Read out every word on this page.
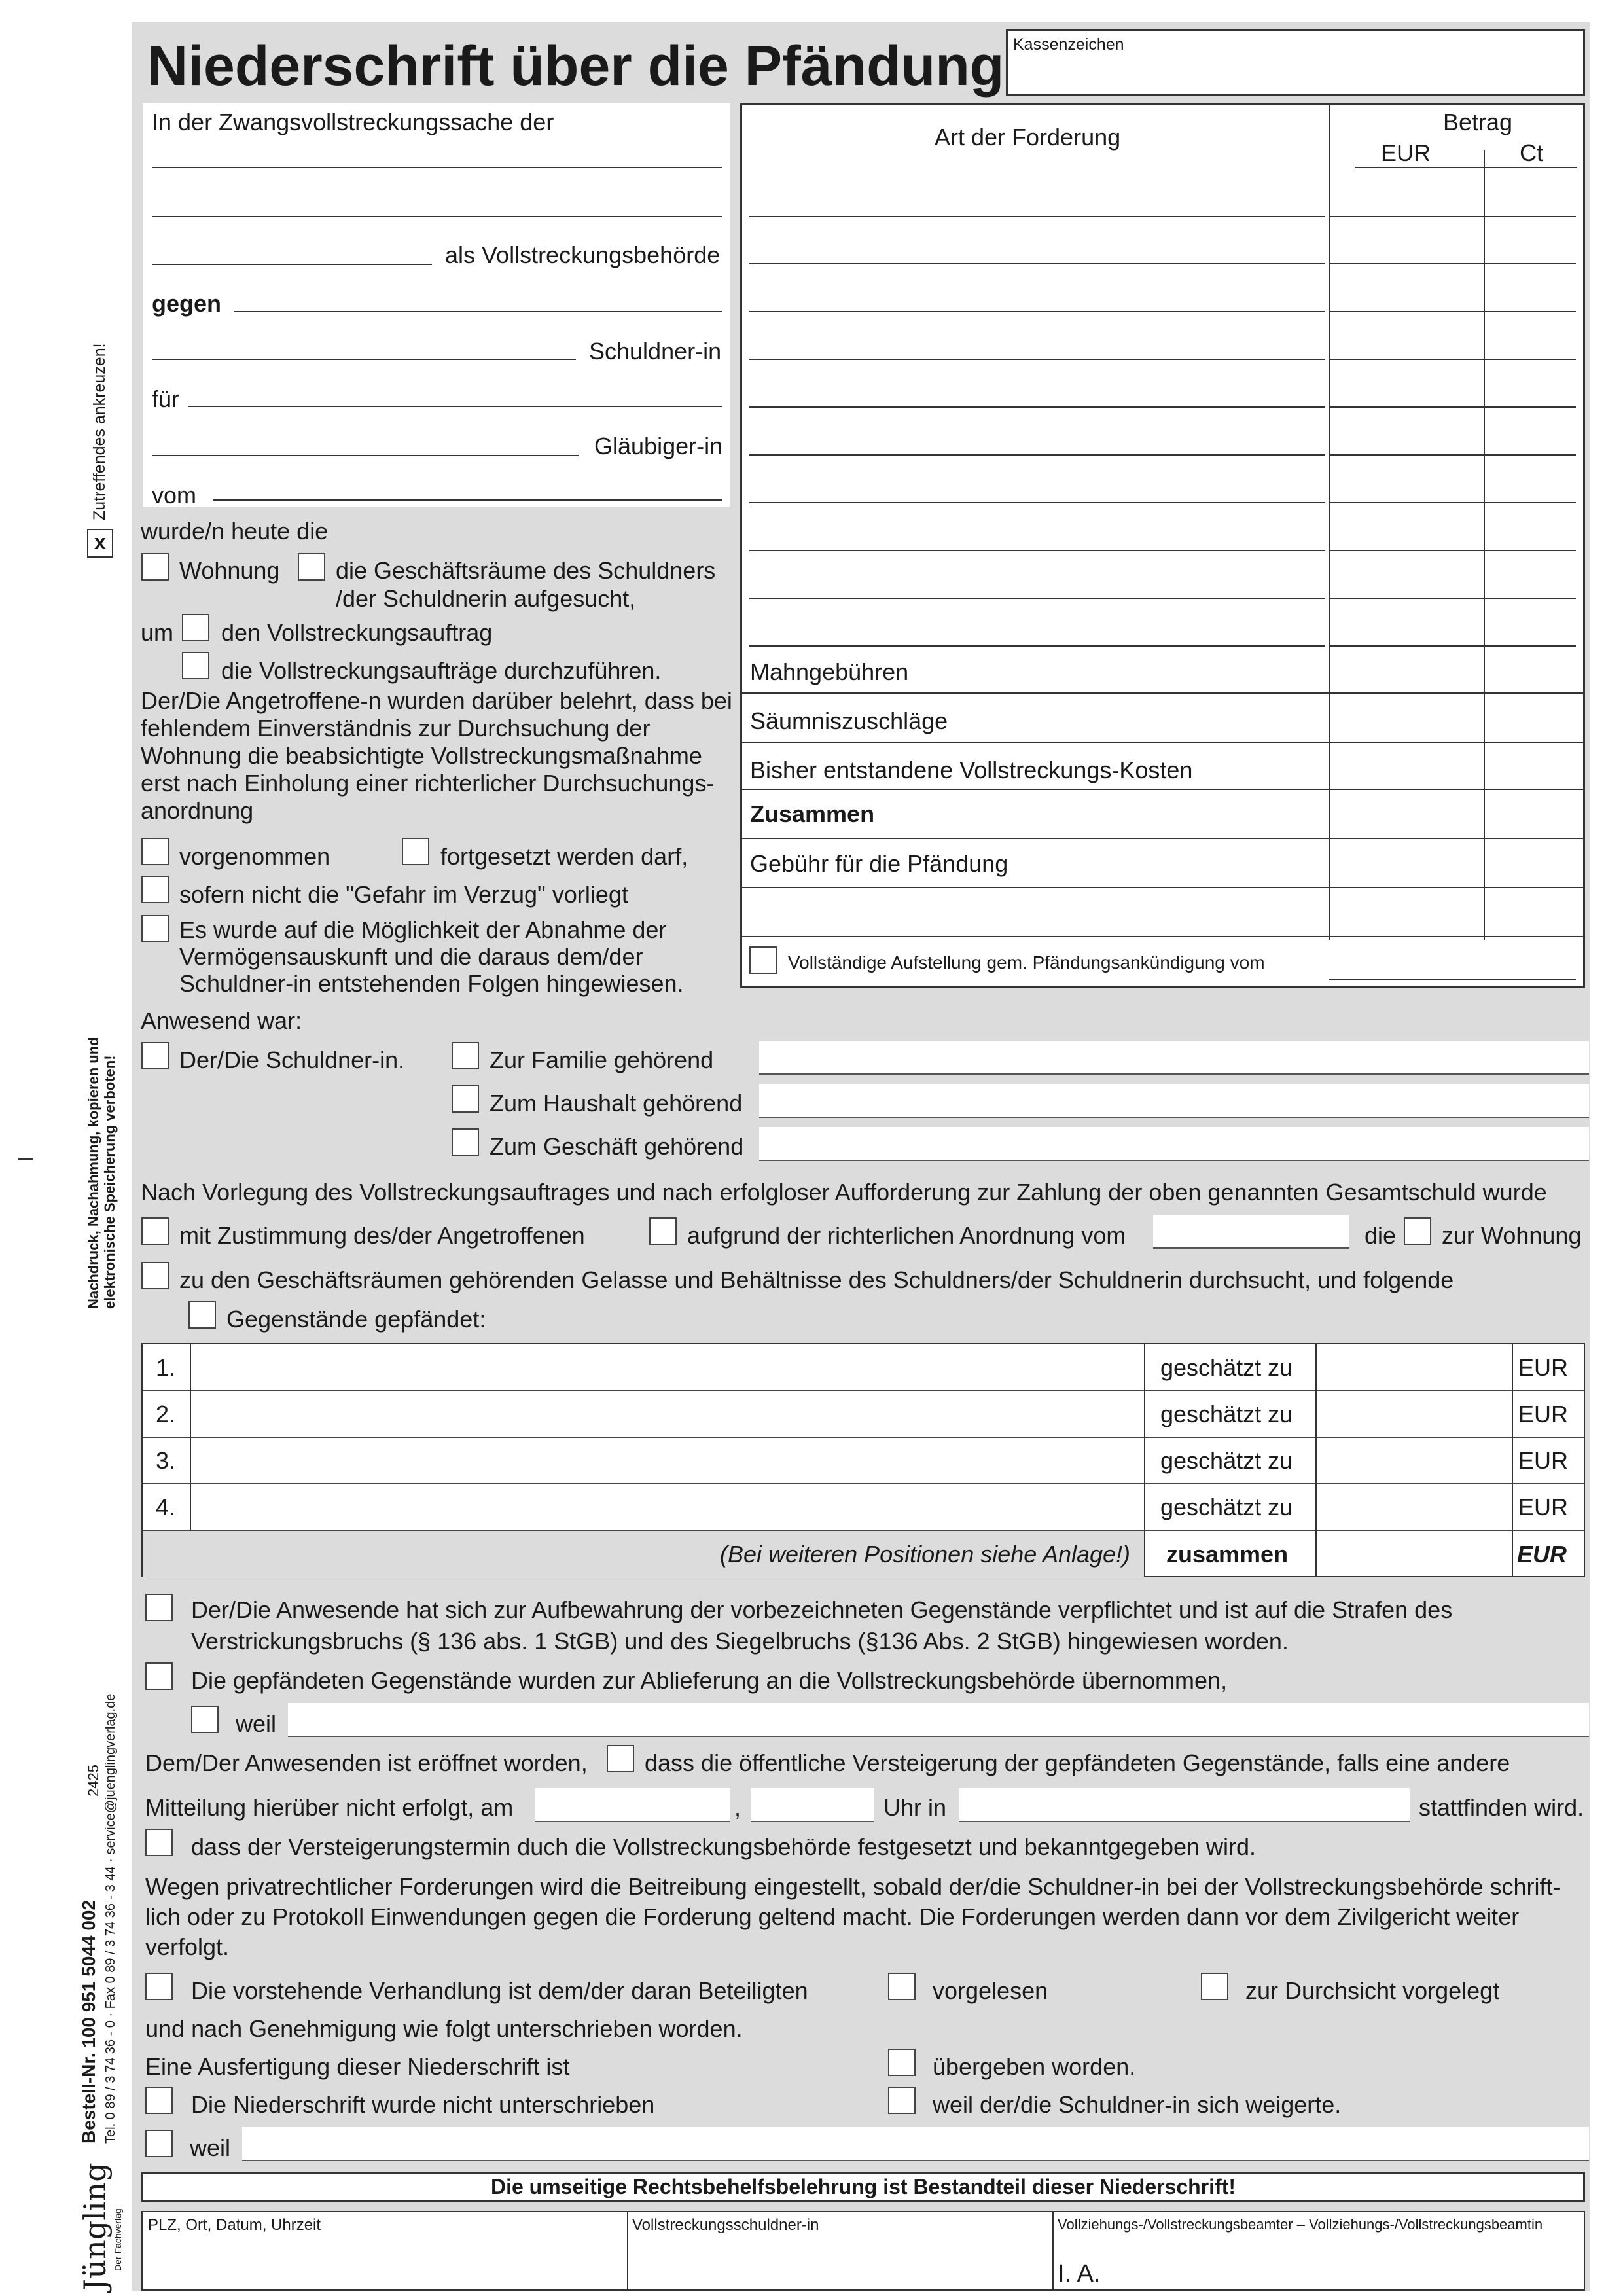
x
Zutreffendes ankreuzen!
Nachdruck, Nachahmung, kopieren und elektronische Speicherung verboten!
2425
Bestell-Nr. 100 951 5044 002 Tel. 0 89 / 3 74 36 - 0 · Fax 0 89 / 3 74 36 - 3 44 · service@juenglingverlag.de
Jüngling Der Fachverlag
Niederschrift über die Pfändung Kassenzeichen
In der Zwangsvollstreckungssache der
als Vollstreckungsbehörde
gegen
Schuldner-in
für
Gläubiger-in
vom
wurde/n heute die
Wohnung die Geschäftsräume des Schuldners
/der Schuldnerin aufgesucht,
um den Vollstreckungsauftrag
die Vollstreckungsaufträge durchzuführen.
Der/Die Angetroffene-n wurden darüber belehrt, dass bei fehlendem Einverständnis zur Durchsuchung der Wohnung die beabsichtigte Vollstreckungsmaßnahme erst nach Einholung einer richterlicher Durchsuchungs-anordnung
vorgenommen	fortgesetzt werden darf,
sofern nicht die "Gefahr im Verzug" vorliegt
Es wurde auf die Möglichkeit der Abnahme der Vermögensauskunft und die daraus dem/der Schuldner-in entstehenden Folgen hingewiesen.
Art der Forderung
Betrag
EUR	Ct
Mahngebühren
Säumniszuschläge
Bisher entstandene Vollstreckungs-Kosten
Zusammen
Gebühr für die Pfändung
Vollständige Aufstellung gem. Pfändungsankündigung vom
Anwesend war:
Der/Die Schuldner-in.	Zur Familie gehörend
Zum Haushalt gehörend
Zum Geschäft gehörend
Nach Vorlegung des Vollstreckungsauftrages und nach erfolgloser Aufforderung zur Zahlung der oben genannten Gesamtschuld wurde
mit Zustimmung des/der Angetroffenen	aufgrund der richterlichen Anordnung vom	die zur Wohnung
zu den Geschäftsräumen gehörenden Gelasse und Behältnisse des Schuldners/der Schuldnerin durchsucht, und folgende
Gegenstände gepfändet:
1.	geschätzt zu	EUR
2.	geschätzt zu	EUR
3.	geschätzt zu	EUR
4.	geschätzt zu	EUR
(Bei weiteren Positionen siehe Anlage!) zusammen	EUR
Der/Die Anwesende hat sich zur Aufbewahrung der vorbezeichneten Gegenstände verpflichtet und ist auf die Strafen des Verstrickungsbruchs (§ 136 abs. 1 StGB) und des Siegelbruchs (§136 Abs. 2 StGB) hingewiesen worden.
Die gepfändeten Gegenstände wurden zur Ablieferung an die Vollstreckungsbehörde übernommen,
weil
Dem/Der Anwesenden ist eröffnet worden, dass die öffentliche Versteigerung der gepfändeten Gegenstände, falls eine andere
Mitteilung hierüber nicht erfolgt, am	,	Uhr in	stattfinden wird.
dass der Versteigerungstermin duch die Vollstreckungsbehörde festgesetzt und bekanntgegeben wird.
Wegen privatrechtlicher Forderungen wird die Beitreibung eingestellt, sobald der/die Schuldner-in bei der Vollstreckungsbehörde schrift-lich oder zu Protokoll Einwendungen gegen die Forderung geltend macht. Die Forderungen werden dann vor dem Zivilgericht weiter verfolgt.
Die vorstehende Verhandlung ist dem/der daran Beteiligten	vorgelesen	zur Durchsicht vorgelegt
und nach Genehmigung wie folgt unterschrieben worden.
Eine Ausfertigung dieser Niederschrift ist	übergeben worden.
Die Niederschrift wurde nicht unterschrieben	weil der/die Schuldner-in sich weigerte.
weil
Die umseitige Rechtsbehelfsbelehrung ist Bestandteil dieser Niederschrift!
PLZ, Ort, Datum, Uhrzeit	Vollstreckungsschuldner-in	Vollziehungs-/Vollstreckungsbeamter – Vollziehungs-/Vollstreckungsbeamtin
I. A.
